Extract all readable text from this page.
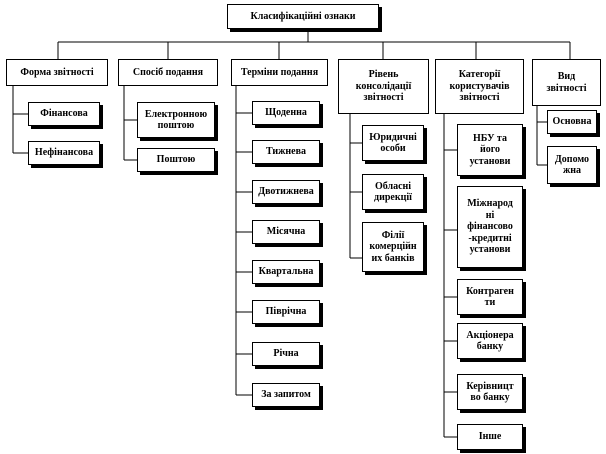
Класифікаційні ознаки
Форма звітності	Спосіб подання	Терміни подання	Рівень
консолідації
звітності
Категорії
користувачів
звітності
Вид
звітності
Фінансова
Нефінансова
Електронною
поштою
Поштою
Щоденна
Тижнева
Двотижнева
Місячна
Квартальна
Піврічна
Річна
За запитом
Юридичні
особи
Обласні
дирекції
Філії
комерційн
их банків
НБУ та
його
установи
Міжнарод
ні
фінансово
-кредитні
установи
Контраген
ти
Акціонера
банку
Керівницт
во банку
Інше
Основна
Допомо
жна
